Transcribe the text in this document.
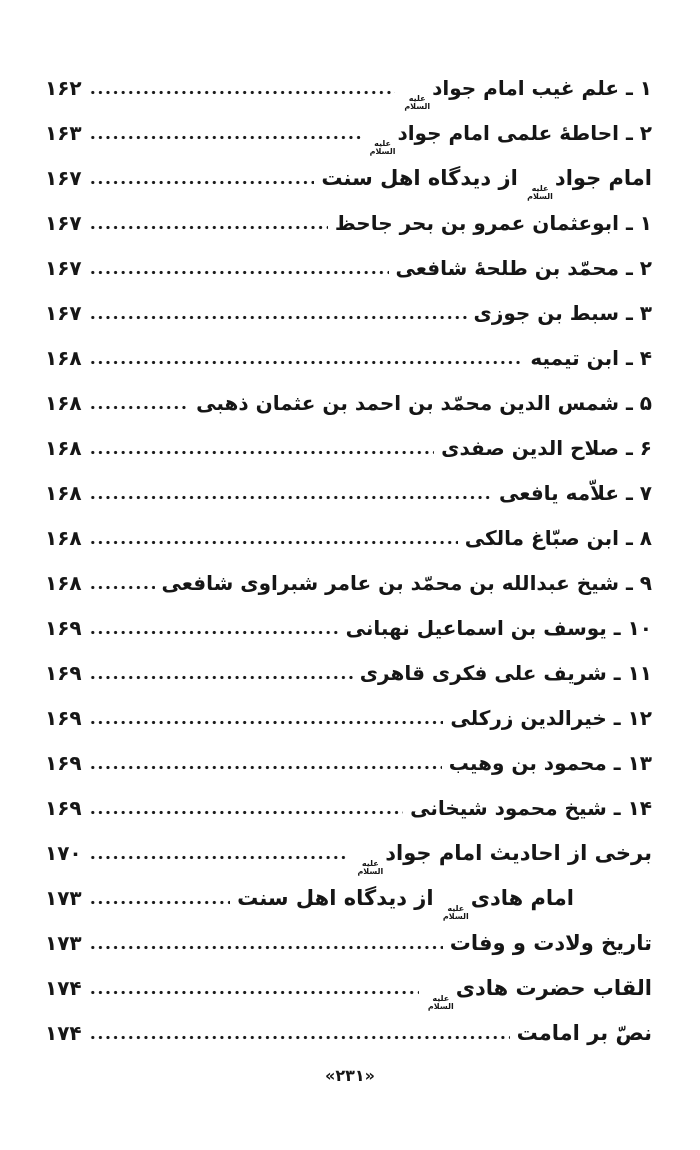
۱ ـ علم غيب امام جواد
عليه
السلام
۱۶۲
۲ ـ احاطۀ علمی امام جواد
عليه
السلام
۱۶۳
امام جواد
عليه
السلام
از ديدگاه اهل سنت
۱۶۷
۱ ـ ابوعثمان عمرو بن بحر جاحظ
۱۶۷
۲ ـ محمّد بن طلحۀ شافعی
۱۶۷
۳ ـ سبط بن جوزی
۱۶۷
۴ ـ ابن تيميه
۱۶۸
۵ ـ شمس الدين محمّد بن احمد بن عثمان ذهبی
۱۶۸
۶ ـ صلاح الدين صفدی
۱۶۸
۷ ـ علاّمه يافعی
۱۶۸
۸ ـ ابن صبّاغ مالکی
۱۶۸
۹ ـ شيخ عبدالله بن محمّد بن عامر شبراوی شافعی
۱۶۸
۱۰ ـ يوسف بن اسماعيل نهبانی
۱۶۹
۱۱ ـ شريف علی فکری قاهری
۱۶۹
۱۲ ـ خيرالدين زرکلی
۱۶۹
۱۳ ـ محمود بن وهيب
۱۶۹
۱۴ ـ شيخ محمود شيخانی
۱۶۹
برخی از احاديث امام جواد
عليه
السلام
۱۷۰
امام هادی
عليه
السلام
از ديدگاه اهل سنت
۱۷۳
تاريخ ولادت و وفات
۱۷۳
القاب حضرت هادی
عليه
السلام
۱۷۴
نصّ بر امامت
۱۷۴
«۲۳۱»
